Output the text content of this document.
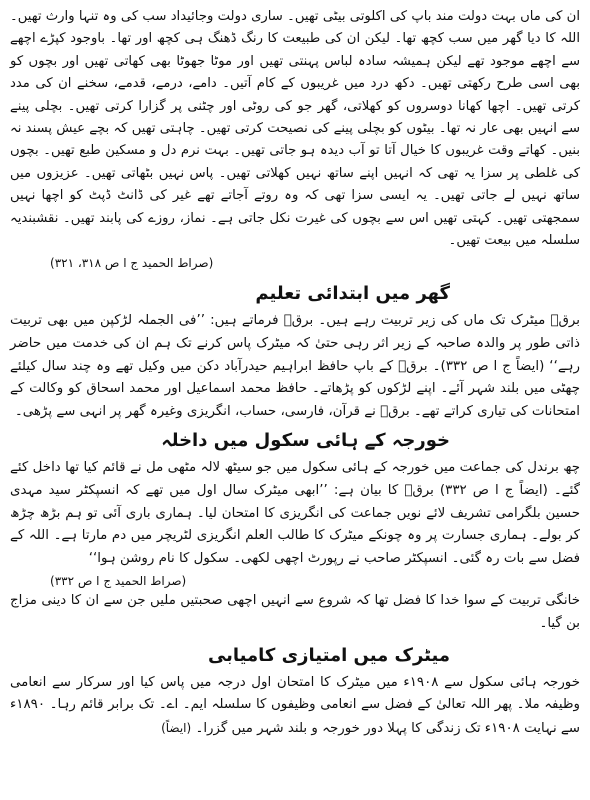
ان کی ماں بہت دولت مند باپ کی اکلوتی بیٹی تھیں۔ ساری دولت وجائیداد سب کی وہ تنہا وارث تھیں۔ اللہ کا دیا گھر میں سب کچھ تھا۔ لیکن ان کی طبیعت کا رنگ ڈھنگ ہی کچھ اور تھا۔ باوجود کپڑے اچھے سے اچھے موجود تھے لیکن ہمیشہ سادہ لباس پہنتی تھیں اور موٹا جھوٹا بھی کھاتی تھیں اور بچوں کو بھی اسی طرح رکھتی تھیں۔ دکھ درد میں غریبوں کے کام آتیں۔ دامے، درمے، قدمے، سخنے ان کی مدد کرتی تھیں۔ اچھا کھانا دوسروں کو کھلاتی، گھر جو کی روٹی اور چٹنی پر گزارا کرتی تھیں۔ بچلی پینے سے انہیں بھی عار نہ تھا۔ بیٹوں کو بچلی پینے کی نصیحت کرتی تھیں۔ چاہتی تھیں کہ بچے عیش پسند نہ بنیں۔ کھاتے وقت غریبوں کا خیال آتا تو آب دیدہ ہو جاتی تھیں۔ بہت نرم دل و مسکین طبع تھیں۔ بچوں کی غلطی پر سزا یہ تھی کہ انہیں اپنے ساتھ نہیں کھلاتی تھیں۔ پاس نہیں بٹھاتی تھیں۔ عزیزوں میں ساتھ نہیں لے جاتی تھیں۔ یہ ایسی سزا تھی کہ وہ روتے آجاتے تھے غیر کی ڈانٹ ڈپٹ کو اچھا نہیں سمجھتی تھیں۔ کہتی تھیں اس سے بچوں کی غیرت نکل جاتی ہے۔ نماز، روزے کی پابند تھیں۔ نقشبندیہ سلسلہ میں بیعت تھیں۔

(صراط الحمید ج ا ص ۳۱۸، ۳۲۱)

گھر میں ابتدائی تعلیم

برقؔ میٹرک تک ماں کی زیر تربیت رہے ہیں۔ برقؔ فرماتے ہیں: ’’فی الجملہ لڑکپن میں بھی تربیت ذاتی طور پر والدہ صاحبہ کے زیر اثر رہی حتیٰ کہ میٹرک پاس کرنے تک ہم ان کی خدمت میں حاضر رہے‘‘ (ایضاً ج ا ص ۳۳۲)۔ برقؔ کے باپ حافظ ابراہیم حیدرآباد دکن میں وکیل تھے وہ چند سال کیلئے چھٹی میں بلند شہر آئے۔ اپنے لڑکوں کو پڑھاتے۔ حافظ محمد اسماعیل اور محمد اسحاق کو وکالت کے امتحانات کی تیاری کراتے تھے۔ برقؔ نے قرآن، فارسی، حساب، انگریزی وغیرہ گھر پر انہی سے پڑھی۔

خورجہ کے ہائی سکول میں داخلہ

چھ برندل کی جماعت میں خورجہ کے ہائی سکول میں جو سیٹھ لالہ مٹھی مل نے قائم کیا تھا داخل کئے گئے۔ (ایضاً ج ا ص ۳۳۲) برقؔ کا بیان ہے: ’’ابھی میٹرک سال اول میں تھے کہ انسپکٹر سید مہدی حسین بلگرامی تشریف لائے نویں جماعت کی انگریزی کا امتحان لیا۔ ہماری باری آئی تو ہم بڑھ چڑھ کر بولے۔ ہماری جسارت پر وہ چونکے میٹرک کا طالب العلم انگریزی لٹریچر میں دم مارتا ہے۔ اللہ کے فضل سے بات رہ گئی۔ انسپکٹر صاحب نے رپورٹ اچھی لکھی۔ سکول کا نام روشن ہوا‘‘

(صراط الحمید ج ا ص ۳۳۲)

خانگی تربیت کے سوا خدا کا فضل تھا کہ شروع سے انہیں اچھی صحبتیں ملیں جن سے ان کا دینی مزاج بن گیا۔

میٹرک میں امتیازی کامیابی

خورجہ ہائی سکول سے ۱۹۰۸ء میں میٹرک کا امتحان اول درجہ میں پاس کیا اور سرکار سے انعامی وظیفہ ملا۔ پھر اللہ تعالیٰ کے فضل سے انعامی وظیفوں کا سلسلہ ایم۔ اے۔ تک برابر قائم رہا۔ ۱۸۹۰ء سے نہایت ۱۹۰۸ء تک زندگی کا پہلا دور خورجہ و بلند شہر میں گزرا۔ (ایضاً)
